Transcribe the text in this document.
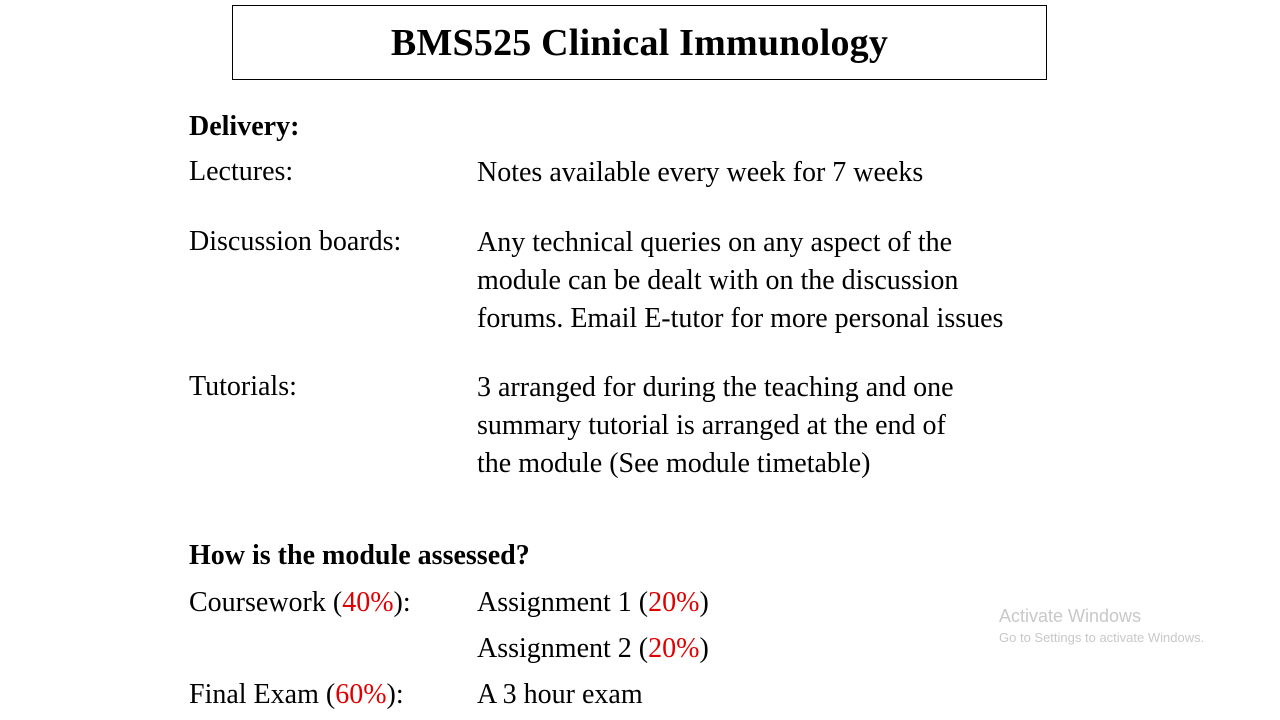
BMS525 Clinical Immunology
Delivery:
Lectures:	Notes available every week for 7 weeks
Discussion boards:	Any technical queries on any aspect of the
module can be dealt with on the discussion
forums. Email E-tutor for more personal issues
Tutorials:	3 arranged for during the teaching and one
summary tutorial is arranged at the end of
the module (See module timetable)
How is the module assessed?
Coursework (40%): Assignment 1 (20%)
Assignment 2 (20%)
Final Exam (60%):	A 3 hour exam
Activate Windows
Go to Settings to activate Windows.
